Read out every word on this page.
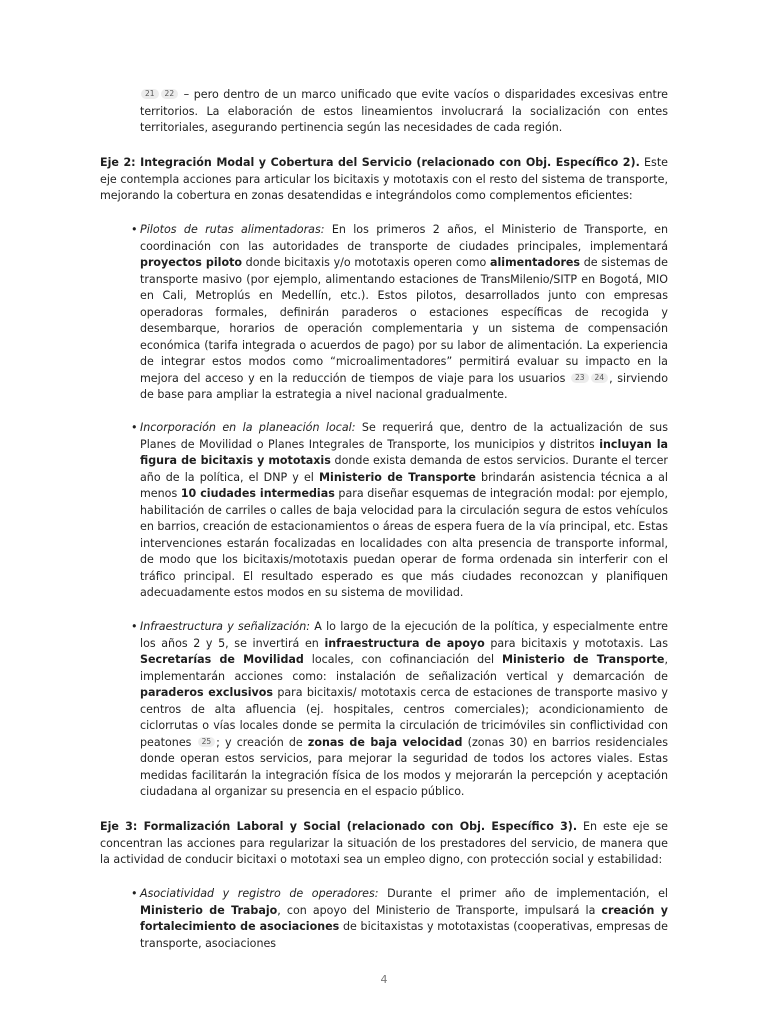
21 22 – pero dentro de un marco unificado que evite vacíos o disparidades excesivas entre territorios. La elaboración de estos lineamientos involucrará la socialización con entes territoriales, asegurando pertinencia según las necesidades de cada región.

Eje 2: Integración Modal y Cobertura del Servicio (relacionado con Obj. Específico 2). Este eje contempla acciones para articular los bicitaxis y mototaxis con el resto del sistema de transporte, mejorando la cobertura en zonas desatendidas e integrándolos como complementos eficientes:

• Pilotos de rutas alimentadoras: En los primeros 2 años, el Ministerio de Transporte, en coordinación con las autoridades de transporte de ciudades principales, implementará proyectos piloto donde bicitaxis y/o mototaxis operen como alimentadores de sistemas de transporte masivo (por ejemplo, alimentando estaciones de TransMilenio/SITP en Bogotá, MIO en Cali, Metroplús en Medellín, etc.). Estos pilotos, desarrollados junto con empresas operadoras formales, definirán paraderos o estaciones específicas de recogida y desembarque, horarios de operación complementaria y un sistema de compensación económica (tarifa integrada o acuerdos de pago) por su labor de alimentación. La experiencia de integrar estos modos como “microalimentadores” permitirá evaluar su impacto en la mejora del acceso y en la reducción de tiempos de viaje para los usuarios 23 24 , sirviendo de base para ampliar la estrategia a nivel nacional gradualmente.

• Incorporación en la planeación local: Se requerirá que, dentro de la actualización de sus Planes de Movilidad o Planes Integrales de Transporte, los municipios y distritos incluyan la figura de bicitaxis y mototaxis donde exista demanda de estos servicios. Durante el tercer año de la política, el DNP y el Ministerio de Transporte brindarán asistencia técnica a al menos 10 ciudades intermedias para diseñar esquemas de integración modal: por ejemplo, habilitación de carriles o calles de baja velocidad para la circulación segura de estos vehículos en barrios, creación de estacionamientos o áreas de espera fuera de la vía principal, etc. Estas intervenciones estarán focalizadas en localidades con alta presencia de transporte informal, de modo que los bicitaxis/mototaxis puedan operar de forma ordenada sin interferir con el tráfico principal. El resultado esperado es que más ciudades reconozcan y planifiquen adecuadamente estos modos en su sistema de movilidad.

• Infraestructura y señalización: A lo largo de la ejecución de la política, y especialmente entre los años 2 y 5, se invertirá en infraestructura de apoyo para bicitaxis y mototaxis. Las Secretarías de Movilidad locales, con cofinanciación del Ministerio de Transporte, implementarán acciones como: instalación de señalización vertical y demarcación de paraderos exclusivos para bicitaxis/ mototaxis cerca de estaciones de transporte masivo y centros de alta afluencia (ej. hospitales, centros comerciales); acondicionamiento de ciclorrutas o vías locales donde se permita la circulación de tricimóviles sin conflictividad con peatones 25 ; y creación de zonas de baja velocidad (zonas 30) en barrios residenciales donde operan estos servicios, para mejorar la seguridad de todos los actores viales. Estas medidas facilitarán la integración física de los modos y mejorarán la percepción y aceptación ciudadana al organizar su presencia en el espacio público.

Eje 3: Formalización Laboral y Social (relacionado con Obj. Específico 3). En este eje se concentran las acciones para regularizar la situación de los prestadores del servicio, de manera que la actividad de conducir bicitaxi o mototaxi sea un empleo digno, con protección social y estabilidad:

• Asociatividad y registro de operadores: Durante el primer año de implementación, el Ministerio de Trabajo, con apoyo del Ministerio de Transporte, impulsará la creación y fortalecimiento de asociaciones de bicitaxistas y mototaxistas (cooperativas, empresas de transporte, asociaciones

4
